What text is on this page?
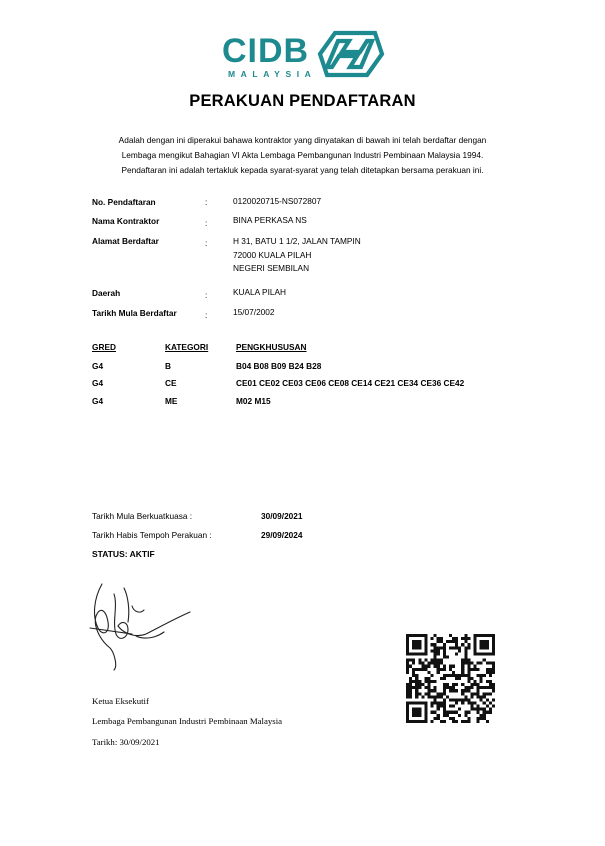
CIDB
MALAYSIA
PERAKUAN PENDAFTARAN
Adalah dengan ini diperakui bahawa kontraktor yang dinyatakan di bawah ini telah berdaftar dengan
Lembaga mengikut Bahagian VI Akta Lembaga Pembangunan Industri Pembinaan Malaysia 1994.
Pendaftaran ini adalah tertakluk kepada syarat-syarat yang telah ditetapkan bersama perakuan ini.
No. Pendaftaran	:	0120020715-NS072807
Nama Kontraktor	:	BINA PERKASA NS
Alamat Berdaftar	:	H 31, BATU 1 1/2, JALAN TAMPIN
72000 KUALA PILAH
NEGERI SEMBILAN
Daerah	:	KUALA PILAH
Tarikh Mula Berdaftar	:	15/07/2002
GRED	KATEGORI	PENGKHUSUSAN
G4	B	B04 B08 B09 B24 B28
G4	CE	CE01 CE02 CE03 CE06 CE08 CE14 CE21 CE34 CE36 CE42
G4	ME	M02 M15
Tarikh Mula Berkuatkuasa :	30/09/2021
Tarikh Habis Tempoh Perakuan :	29/09/2024
STATUS: AKTIF
Ketua Eksekutif
Lembaga Pembangunan Industri Pembinaan Malaysia
Tarikh: 30/09/2021
